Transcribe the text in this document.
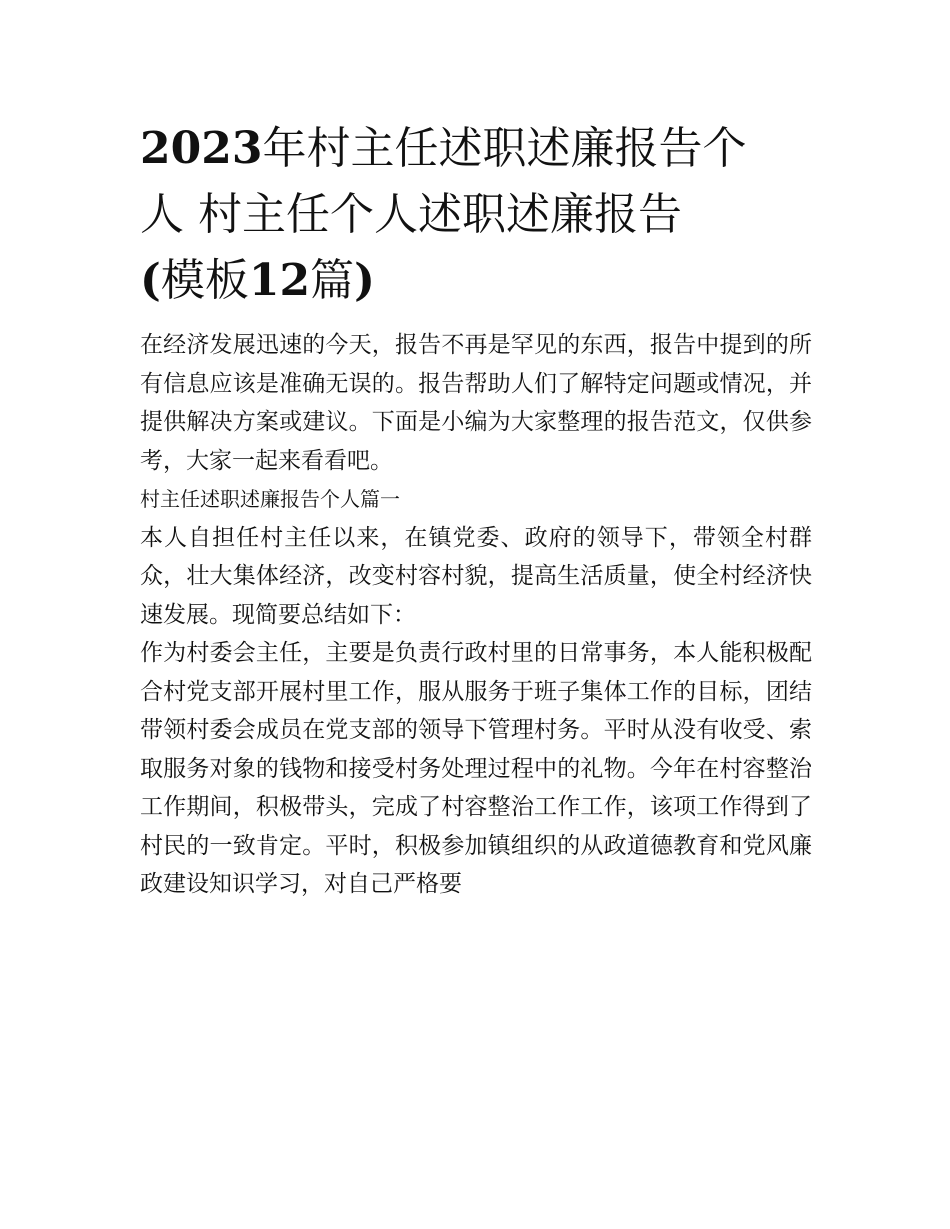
2023年村主任述职述廉报告个
人 村主任个人述职述廉报告
(模板12篇)

在经济发展迅速的今天，报告不再是罕见的东西，报告中提到的所有信息应该是准确无误的。报告帮助人们了解特定问题或情况，并提供解决方案或建议。下面是小编为大家整理的报告范文，仅供参考，大家一起来看看吧。

村主任述职述廉报告个人篇一

本人自担任村主任以来，在镇党委、政府的领导下，带领全村群众，壮大集体经济，改变村容村貌，提高生活质量，使全村经济快速发展。现简要总结如下：

作为村委会主任，主要是负责行政村里的日常事务，本人能积极配合村党支部开展村里工作，服从服务于班子集体工作的目标，团结带领村委会成员在党支部的领导下管理村务。平时从没有收受、索取服务对象的钱物和接受村务处理过程中的礼物。今年在村容整治工作期间，积极带头，完成了村容整治工作工作，该项工作得到了村民的一致肯定。平时，积极参加镇组织的从政道德教育和党风廉政建设知识学习，对自己严格要
